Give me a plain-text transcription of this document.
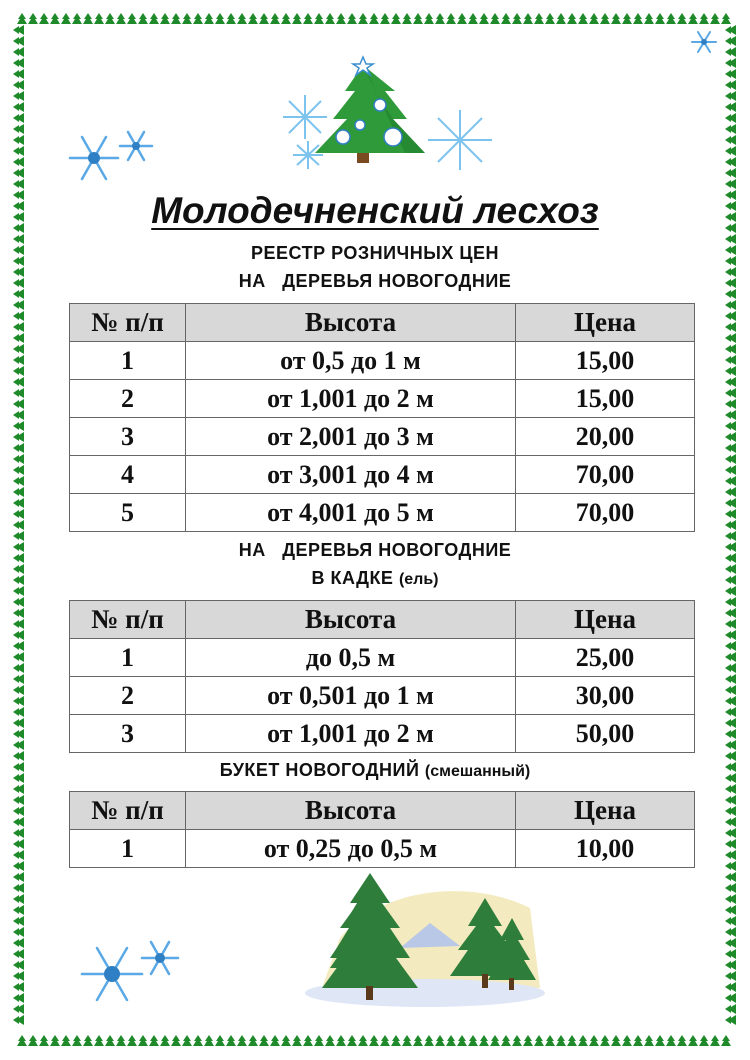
Молодечненский лесхоз
РЕЕСТР РОЗНИЧНЫХ ЦЕН
НА   ДЕРЕВЬЯ НОВОГОДНИЕ
№ п/п	Высота	Цена
1	от 0,5 до 1 м	15,00
2	от 1,001 до 2 м	15,00
3	от 2,001 до 3 м	20,00
4	от 3,001 до 4 м	70,00
5	от 4,001 до 5 м	70,00
НА   ДЕРЕВЬЯ НОВОГОДНИЕ
В КАДКЕ (ель)
№ п/п	Высота	Цена
1	до 0,5 м	25,00
2	от 0,501 до 1 м	30,00
3	от 1,001 до 2 м	50,00
БУКЕТ НОВОГОДНИЙ (смешанный)
№ п/п	Высота	Цена
1	от 0,25 до 0,5 м	10,00
